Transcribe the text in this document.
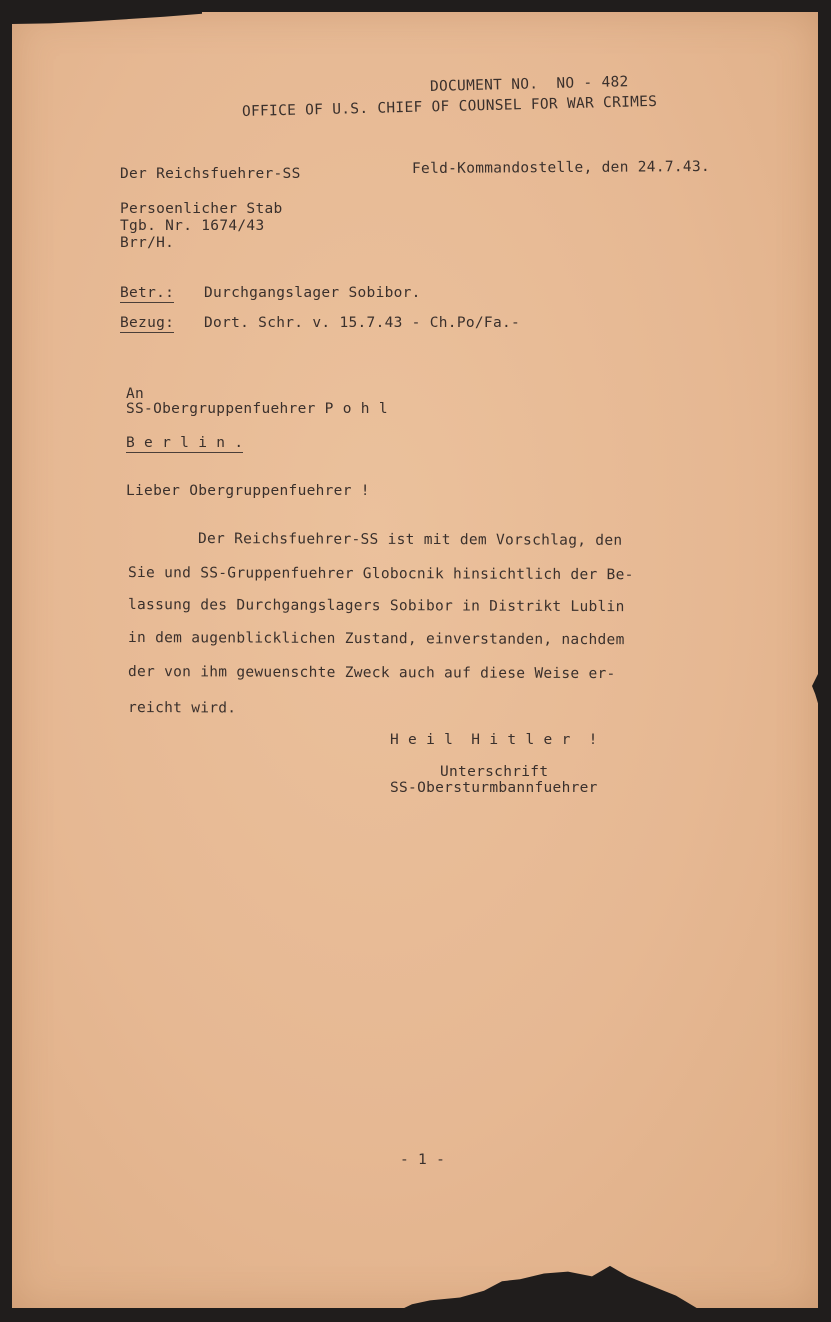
DOCUMENT NO.  NO - 482
OFFICE OF U.S. CHIEF OF COUNSEL FOR WAR CRIMES
Der Reichsfuehrer-SS	Feld-Kommandostelle, den 24.7.43.
Persoenlicher Stab
Tgb. Nr. 1674/43
Brr/H.
Betr.: Durchgangslager Sobibor.
Bezug: Dort. Schr. v. 15.7.43 - Ch.Po/Fa.-
An
SS-Obergruppenfuehrer P o h l
B e r l i n .
Lieber Obergruppenfuehrer !
Der Reichsfuehrer-SS ist mit dem Vorschlag, den
Sie und SS-Gruppenfuehrer Globocnik hinsichtlich der Be-
lassung des Durchgangslagers Sobibor in Distrikt Lublin
in dem augenblicklichen Zustand, einverstanden, nachdem
der von ihm gewuenschte Zweck auch auf diese Weise er-
reicht wird.
H e i l  H i t l e r  !
Unterschrift
SS-Obersturmbannfuehrer
- 1 -
